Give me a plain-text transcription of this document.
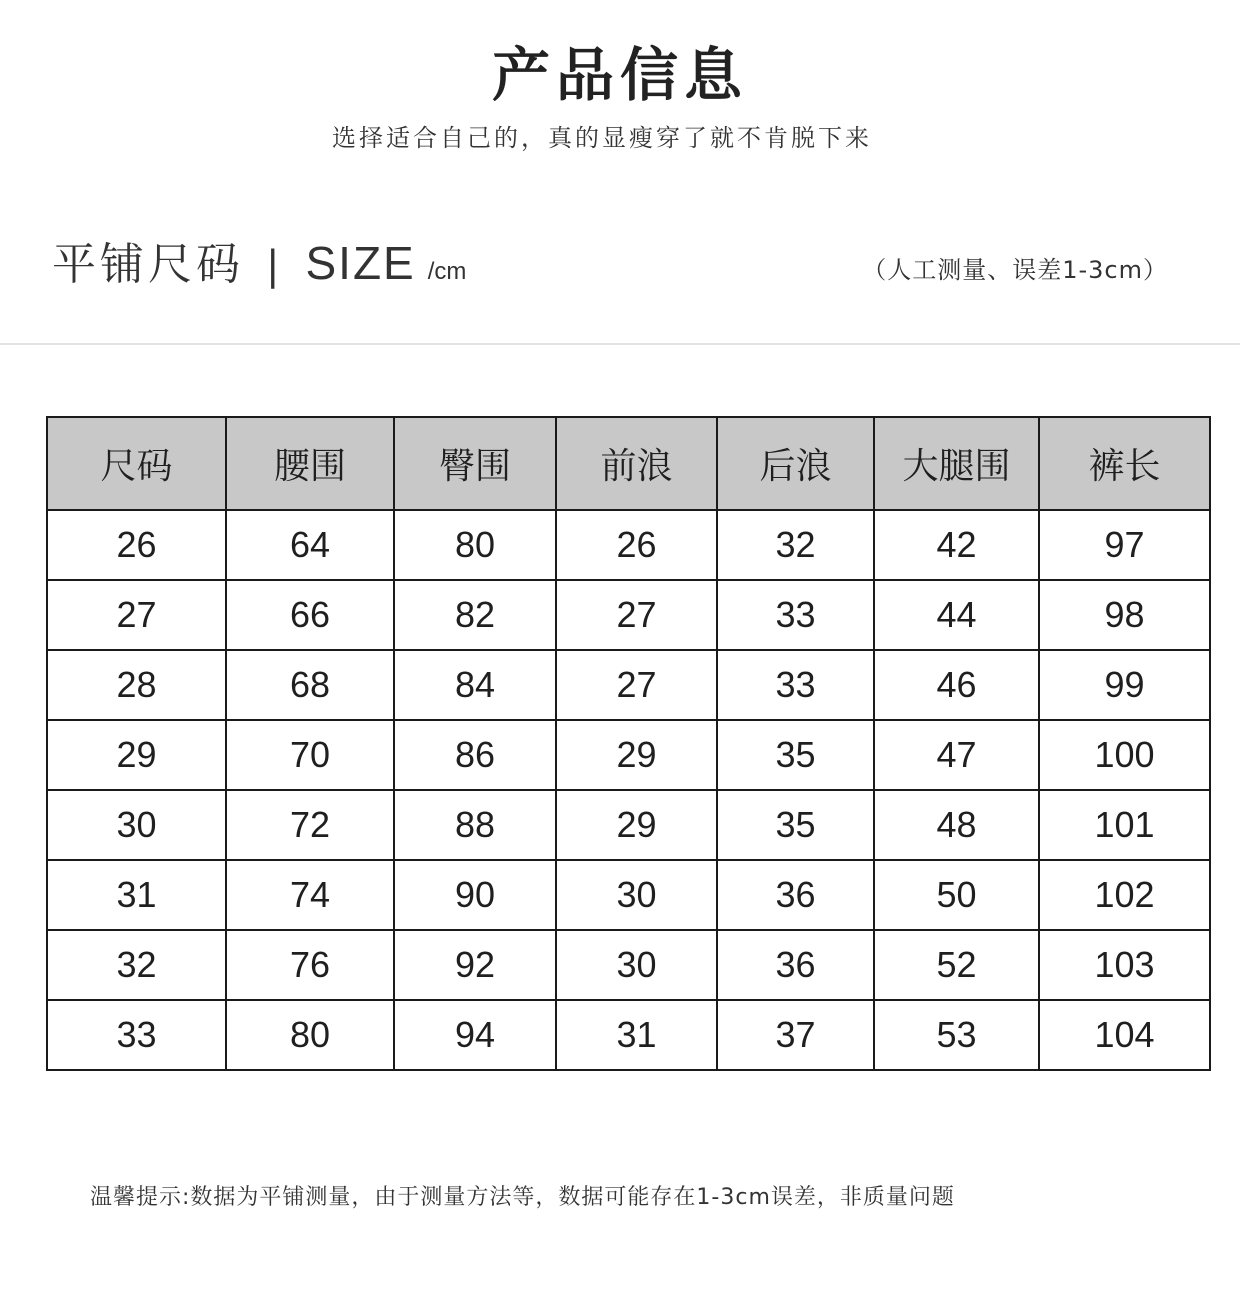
产品信息
选择适合自己的，真的显瘦穿了就不肯脱下来
平铺尺码 | SIZE /cm	（人工测量、误差1-3cm）
尺码	腰围	臀围	前浪	后浪	大腿围	裤长
26	64	80	26	32	42	97
27	66	82	27	33	44	98
28	68	84	27	33	46	99
29	70	86	29	35	47	100
30	72	88	29	35	48	101
31	74	90	30	36	50	102
32	76	92	30	36	52	103
33	80	94	31	37	53	104
温馨提示:数据为平铺测量，由于测量方法等，数据可能存在1-3cm误差，非质量问题
